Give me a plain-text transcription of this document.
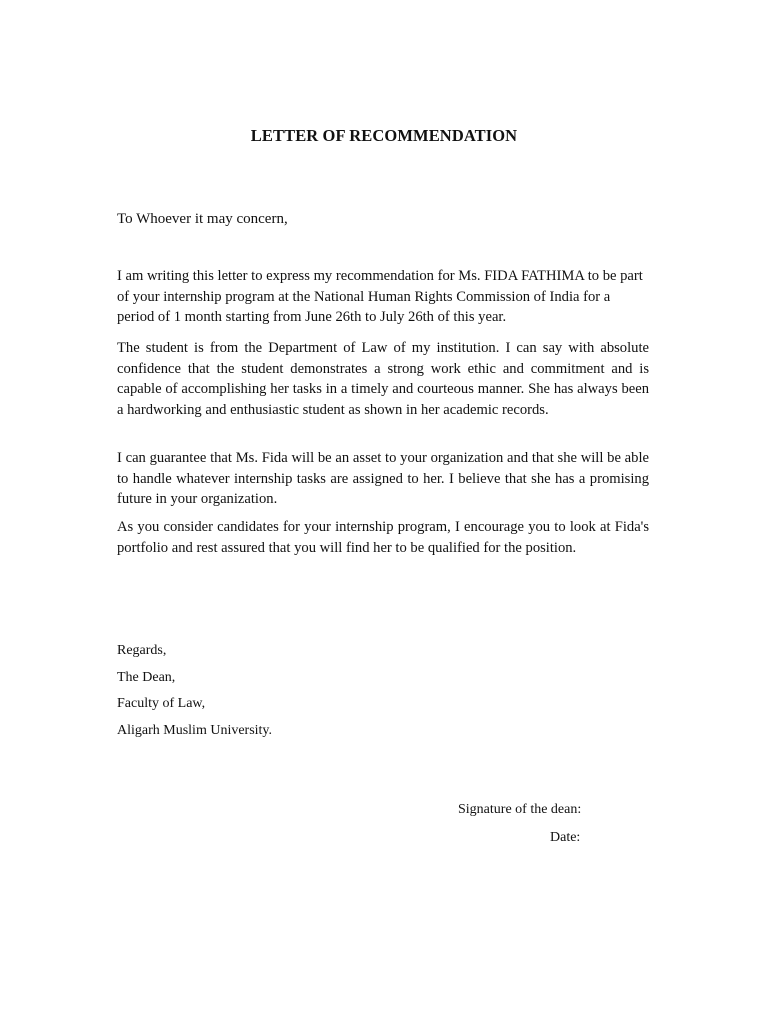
LETTER OF RECOMMENDATION
To Whoever it may concern,
I am writing this letter to express my recommendation for Ms. FIDA FATHIMA to be part of your internship program at the National Human Rights Commission of India for a period of 1 month starting from June 26th to July 26th of this year.
The student is from the Department of Law of my institution. I can say with absolute confidence that the student demonstrates a strong work ethic and commitment and is capable of accomplishing her tasks in a timely and courteous manner. She has always been a hardworking and enthusiastic student as shown in her academic records.
I can guarantee that Ms. Fida will be an asset to your organization and that she will be able to handle whatever internship tasks are assigned to her. I believe that she has a promising future in your organization.
As you consider candidates for your internship program, I encourage you to look at Fida's portfolio and rest assured that you will find her to be qualified for the position.
Regards,
The Dean,
Faculty of Law,
Aligarh Muslim University.
Signature of the dean:
Date:
